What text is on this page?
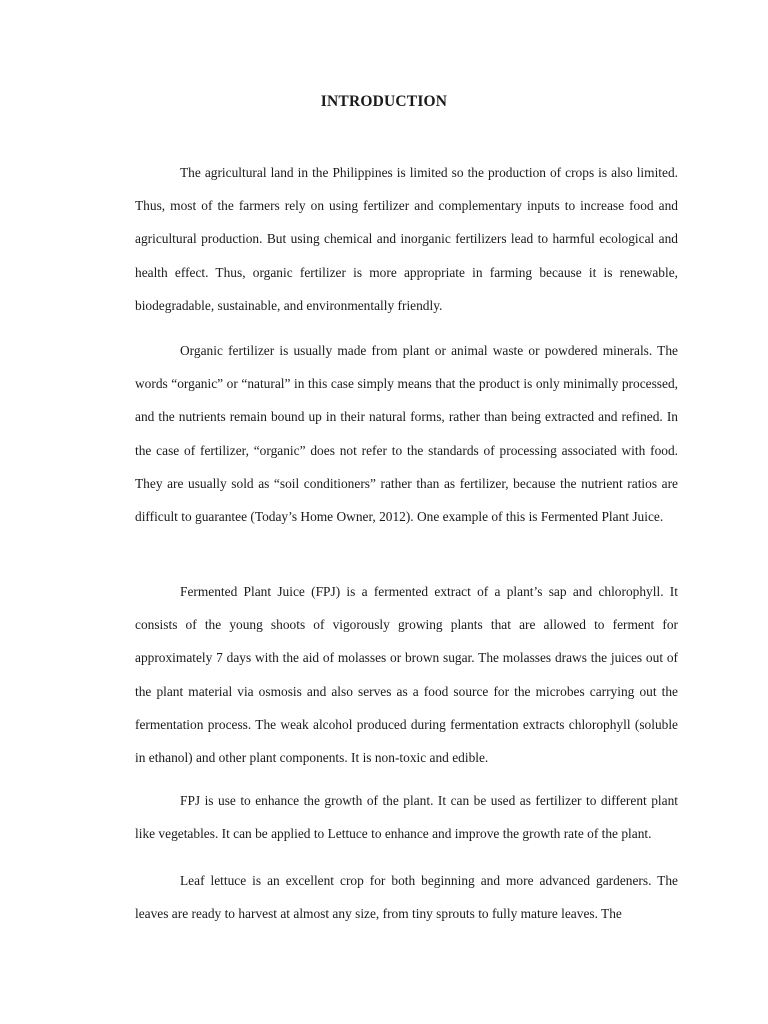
INTRODUCTION

The agricultural land in the Philippines is limited so the production of crops is also limited. Thus, most of the farmers rely on using fertilizer and complementary inputs to increase food and agricultural production. But using chemical and inorganic fertilizers lead to harmful ecological and health effect. Thus, organic fertilizer is more appropriate in farming because it is renewable, biodegradable, sustainable, and environmentally friendly.

Organic fertilizer is usually made from plant or animal waste or powdered minerals. The words “organic” or “natural” in this case simply means that the product is only minimally processed, and the nutrients remain bound up in their natural forms, rather than being extracted and refined. In the case of fertilizer, “organic” does not refer to the standards of processing associated with food. They are usually sold as “soil conditioners” rather than as fertilizer, because the nutrient ratios are difficult to guarantee (Today’s Home Owner, 2012). One example of this is Fermented Plant Juice.

Fermented Plant Juice (FPJ) is a fermented extract of a plant’s sap and chlorophyll. It consists of the young shoots of vigorously growing plants that are allowed to ferment for approximately 7 days with the aid of molasses or brown sugar. The molasses draws the juices out of the plant material via osmosis and also serves as a food source for the microbes carrying out the fermentation process. The weak alcohol produced during fermentation extracts chlorophyll (soluble in ethanol) and other plant components. It is non-toxic and edible.

FPJ is use to enhance the growth of the plant. It can be used as fertilizer to different plant like vegetables. It can be applied to Lettuce to enhance and improve the growth rate of the plant.

Leaf lettuce is an excellent crop for both beginning and more advanced gardeners. The leaves are ready to harvest at almost any size, from tiny sprouts to fully mature leaves. The
